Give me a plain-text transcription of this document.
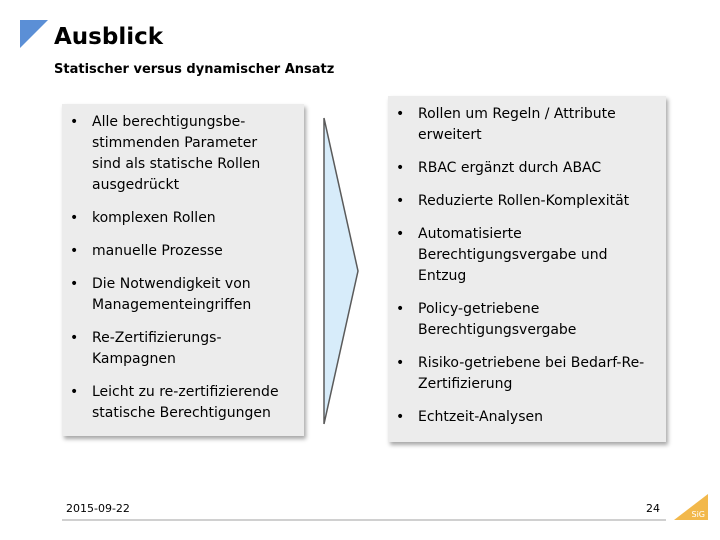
Ausblick
Statischer versus dynamischer Ansatz
• Alle berechtigungsbe-stimmenden Parameter sind als statische Rollen ausgedrückt
• komplexen Rollen
• manuelle Prozesse
• Die Notwendigkeit von Managementeingriffen
• Re-Zertifizierungs-Kampagnen
• Leicht zu re-zertifizierende statische Berechtigungen
• Rollen um Regeln / Attribute erweitert
• RBAC ergänzt durch ABAC
• Reduzierte Rollen-Komplexität
• Automatisierte Berechtigungsvergabe und Entzug
• Policy-getriebene Berechtigungsvergabe
• Risiko-getriebene bei Bedarf-Re-Zertifizierung
• Echtzeit-Analysen
2015-09-22	24	SiG
